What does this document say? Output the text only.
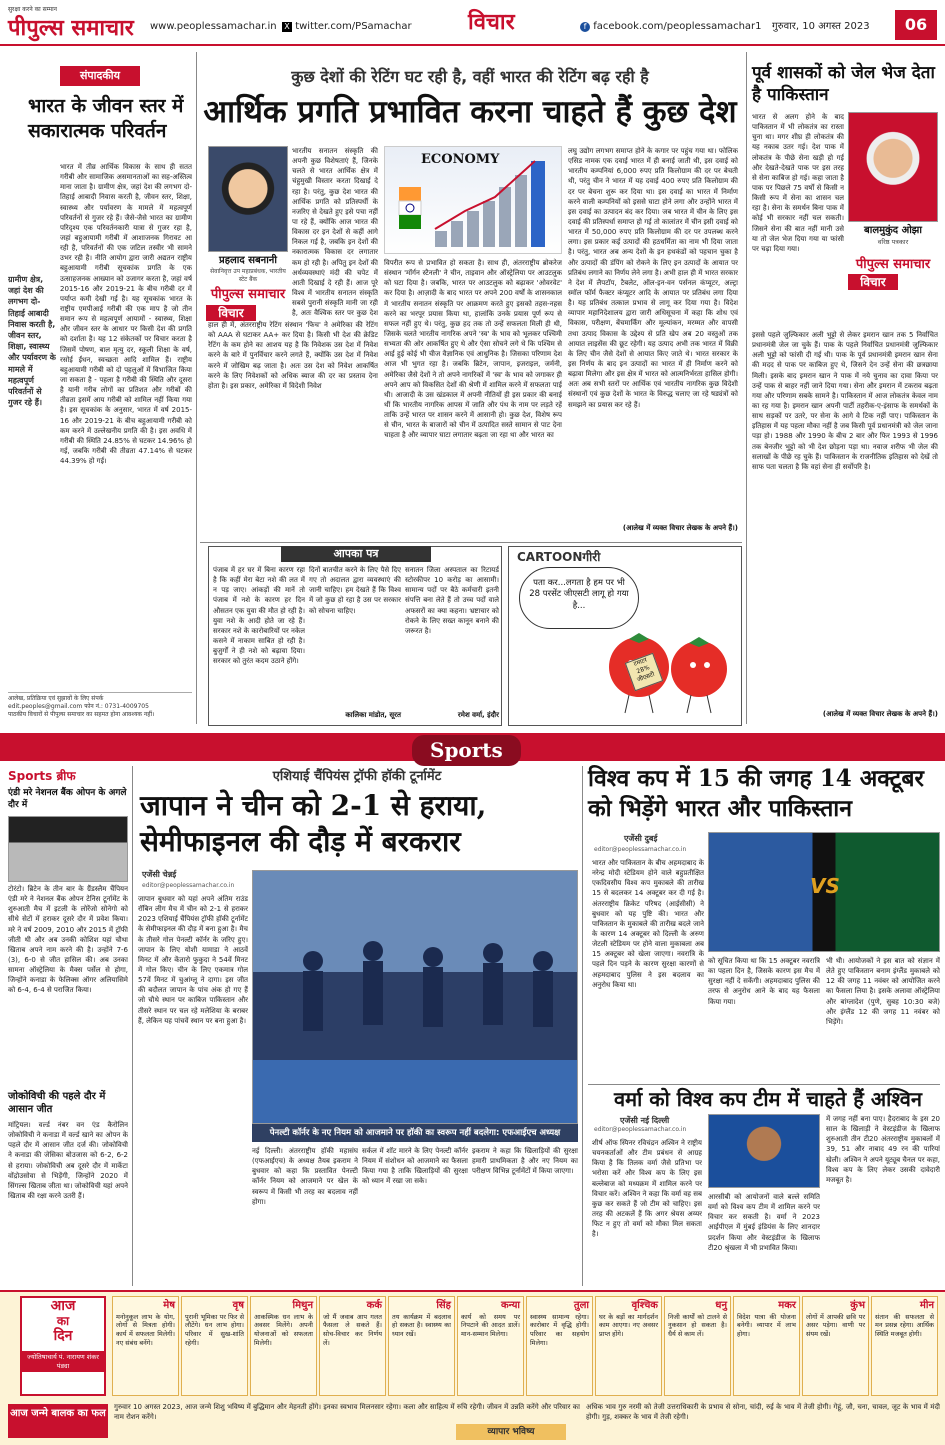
सुरक्षा करने का सम्मान
पीपुल्स समाचार www.peoplessamachar.in X twitter.com/PSamachar	विचार	f facebook.com/peoplessamachar1 गुरुवार, 10 अगस्त 2023	06
संपादकीय
भारत के जीवन स्तर में सकारात्मक परिवर्तन
ग्रामीण क्षेत्र, जहां देश की लगभग दो-तिहाई आबादी निवास करती है, जीवन स्तर, शिक्षा, स्वास्थ्य और पर्यावरण के मामले में महत्वपूर्ण परिवर्तनों से गुजर रहे हैं।
भारत में तीव्र आर्थिक विकास के साथ ही सतत गरीबी और सामाजिक असमानताओं का सह-अस्तित्व माना जाता है। ग्रामीण क्षेत्र, जहां देश की लगभग दो-तिहाई आबादी निवास करती है, जीवन स्तर, शिक्षा, स्वास्थ्य और पर्यावरण के मामले में महत्वपूर्ण परिवर्तनों से गुजर रहे हैं। जैसे-जैसे भारत का ग्रामीण परिदृश्य एक परिवर्तनकारी यात्रा से गुजर रहा है, जहां बहुआयामी गरीबी में आशाजनक गिरावट आ रही है, परिवर्तनों की एक जटिल तस्वीर भी सामने उभर रही है। नीति आयोग द्वारा जारी अद्यतन राष्ट्रीय बहुआयामी गरीबी सूचकांक प्रगति के एक उत्साहजनक आख्यान को उजागर करता है, जहां वर्ष 2015-16 और 2019-21 के बीच गरीबी दर में पर्याप्त कमी देखी गई है। यह सूचकांक भारत के राष्ट्रीय एमपीआई गरीबी की एक माप है जो तीन समान रूप से महत्वपूर्ण आयामों - स्वास्थ्य, शिक्षा और जीवन स्तर के आधार पर किसी देश की प्रगति को दर्शाता है। यह 12 संकेतकों पर विचार करता है जिसमें पोषण, बाल मृत्यु दर, स्कूली शिक्षा के वर्ष, रसोई ईंधन, स्वच्छता आदि शामिल हैं। राष्ट्रीय बहुआयामी गरीबी को दो पहलुओं में विभाजित किया जा सकता है - पहला है गरीबी की स्थिति और दूसरा है यानी गरीब लोगों का प्रतिशत और गरीबों की तीव्रता इसमें आय गरीबी को शामिल नहीं किया गया है। इस सूचकांक के अनुसार, भारत में वर्ष 2015-16 और 2019-21 के बीच बहुआयामी गरीबी को कम करने में उल्लेखनीय प्रगति की है। इस अवधि में गरीबी की स्थिति 24.85% से घटकर 14.96% हो गई, जबकि गरीबी की तीव्रता 47.14% से घटकर 44.39% हो गई।
आलेख, प्रतिक्रिया एवं सुझावों के लिए संपर्क
edit.peoples@gmail.com फोन नं.: 0731-4009705
पाठकीय विचारों से पीपुल्स समाचार का सहमत होना आवश्यक नहीं।
कुछ देशों की रेटिंग घट रही है, वहीं भारत की रेटिंग बढ़ रही है
आर्थिक प्रगति प्रभावित करना चाहते हैं कुछ देश
प्रहलाद सबनानी
सेवानिवृत्त उप महाप्रबंधक, भारतीय स्टेट बैंक
पीपुल्स समाचार
विचार
भारतीय सनातन संस्कृति की अपनी कुछ विशेषताएं हैं, जिनके चलते से भारत आर्थिक क्षेत्र में चंहुमुखी विस्तार करता दिखाई दे रहा है। परंतु, कुछ देश भारत की आर्थिक प्रगति को प्रतिस्पर्धी के नजरिए से देखते हुए इसे पचा नहीं पा रहे हैं, क्योंकि आज भारत की विकास दर इन देशों से कहीं आगे निकल गई है, जबकि इन देशों की नकारात्मक विकास दर लगातार कम हो रही है। अपितु इन देशों की अर्थव्यवस्थाएं मंदी की चपेट में आती दिखाई दे रही हैं। आज पूरे विश्व में भारतीय सनातन संस्कृति सबसे पुरानी संस्कृति मानी जा रही है, अतः वैश्विक स्तर पर कुछ देश
हाल ही में, अंतरराष्ट्रीय रेटिंग संस्थान 'फिच' ने अमेरिका की रेटिंग को AAA से घटाकर AA+ कर दिया है। किसी भी देश की क्रेडिट रेटिंग के कम होने का आशय यह है कि निवेशक उस देश में निवेश करने के बारे में पुनर्विचार करने लगते हैं, क्योंकि उस देश में निवेश करने में जोखिम बढ़ जाता है। अतः उस देश को निवेश आकर्षित करने के लिए निवेशकों को अधिक ब्याज की दर का प्रस्ताव देना होता है। इस प्रकार, अमेरिका में विदेशी निवेश
ECONOMY
विपरीत रूप से प्रभावित हो सकता है। साथ ही, अंतरराष्ट्रीय ब्रोकरेज संस्थान 'मॉर्गन स्टैनली' ने चीन, ताइवान और ऑस्ट्रेलिया पर आउटलुक को घटा दिया है। जबकि, भारत पर आउटलुक को बढ़ाकर 'ओवरवेट' कर दिया है। आज़ादी के बाद भारत पर अपने 200 वर्षों के शासनकाल में भारतीय सनातन संस्कृति पर आक्रमण करते हुए इसको तहस-नहस करने का भरपूर प्रयास किया था, हालांकि उनके प्रयास पूर्ण रूप से सफल नहीं हुए थे। परंतु, कुछ हद तक तो उन्हें सफलता मिली ही थी, जिसके चलते भारतीय नागरिक अपने 'स्व' के भाव को भूलकर पश्चिमी सभ्यता की ओर आकर्षित हुए थे और ऐसा सोचने लगे थे कि पश्चिम से आई हुई कोई भी चीज वैज्ञानिक एवं आधुनिक है। जिसका परिणाम देश आज भी भुगत रहा है। जबकि ब्रिटेन, जापान, इजराइल, जर्मनी, अमेरिका जैसे देशों ने तो अपने नागरिकों में 'स्व' के भाव को जगाकर ही अपने आप को विकसित देशों की श्रेणी में शामिल करने में सफलता पाई थी। आजादी के उस खंडकाल में अपनी नीतियों ही इस प्रकार की बनाई थीं कि भारतीय नागरिक आपस में जाति और पंथ के नाम पर लड़ते रहें ताकि उन्हें भारत पर शासन करने में आसानी हो। कुछ देश, विशेष रूप से चीन, भारत के बाजारों को चीन में उत्पादित सस्ते सामान से पाट देना चाहता है और व्यापार घाटा लगातार बढ़ता जा रहा था और भारत का
लघु उद्योग लगभग समाप्त होने के कगार पर पहुंच गया था। फोलिक एसिड नामक एक दवाई भारत में ही बनाई जाती थी, इस दवाई को भारतीय कम्पनियां 6,000 रुपए प्रति किलोग्राम की दर पर बेचती थी, परंतु चीन ने भारत में यह दवाई 400 रुपए प्रति किलोग्राम की दर पर बेचना शुरू कर दिया था। इस दवाई का भारत में निर्माण करने वाली कम्पनियों को इससे घाटा होने लगा और उन्होंने भारत में इस दवाई का उत्पादन बंद कर दिया। जब भारत में चीन के लिए इस दवाई की प्रतिस्पर्धा समाप्त हो गई तो कालांतर में चीन इसी दवाई को भारत में 50,000 रुपए प्रति किलोग्राम की दर पर उपलब्ध करने लगा। इस प्रकार कई उत्पादों की हठधर्मिता का नाम भी दिया जाता है। परंतु, भारत अब अन्य देशों के इन हथकंडों को पहचान चुका है और उत्पादों की डंपिंग को रोकने के लिए इन उत्पादों के आयात पर प्रतिबंध लगाने का निर्णय लेने लगा है। अभी हाल ही में भारत सरकार ने देश में लैपटॉप, टैबलेट, ऑल-इन-वन पर्सनल कंप्यूटर, अल्ट्रा स्मॉल फॉर्म फैक्टर कंप्यूटर आदि के आयात पर प्रतिबंध लगा दिया है। यह प्रतिबंध तत्काल प्रभाव से लागू कर दिया गया है। विदेश व्यापार महानिदेशालय द्वारा जारी अधिसूचना में कहा कि शोध एवं विकास, परीक्षण, बेंचमार्किंग और मूल्यांकन, मरम्मत और वापसी तथा उत्पाद विकास के उद्देश्य से प्रति खेप अब 20 वस्तुओं तक आयात लाइसेंस की छूट रहेगी। यह उत्पाद अभी तक भारत में विक्री के लिए चीन जैसे देशों से आयात किए जाते थे। भारत सरकार के इस निर्णय के बाद इन उत्पादों का भारत में ही निर्माण करने को बढ़ावा मिलेगा और इस क्षेत्र में भारत को आत्मनिर्भरता हासिल होगी। अतः अब सभी स्तरों पर आर्थिक एवं भारतीय नागरिक कुछ विदेशी संस्थानों एवं कुछ देशों के भारत के विरुद्ध चलाए जा रहे षड्यंत्रों को समझने का प्रयास कर रहे हैं।
(आलेख में व्यक्त विचार लेखक के अपने हैं।)
पूर्व शासकों को जेल भेज देता है पाकिस्तान
भारत से अलग होने के बाद पाकिस्तान में भी लोकतंत्र का रास्ता चुना था। मगर शीघ्र ही लोकतंत्र की यह नकाब उतर गई। देश पाक में लोकतंत्र के पीछे सेना खड़ी हो गई और देखते-देखते पाक पर इस तरह से सेना काबिज हो गई। कहा जाता है पाक पर पिछले 75 वर्षों से किसी न किसी रूप में सेना का शासन चल रहा है। सेना के समर्थन बिना पाक में कोई भी सरकार नहीं चल सकती। जिसने सेना की बात नहीं मानी उसे या तो जेल भेज दिया गया या फांसी पर चढ़ा दिया गया।
बालमुकुंद ओझा
वरिष्ठ पत्रकार
पीपुल्स समाचार
विचार
इससे पहले जुल्फिकार अली भुट्टो से लेकर इमरान खान तक 5 निर्वाचित प्रधानमंत्री जेल जा चुके हैं। पाक के पहले निर्वाचित प्रधानमंत्री जुल्फिकार अली भुट्टो को फांसी दी गई थी। पाक के पूर्व प्रधानमंत्री इमरान खान सेना की मदद से पाक पर काबिज हुए थे, जिसने देन उन्हें सेना की छत्रछाया मिली। इसके बाद इमरान खान ने पाक में नये चुनाव का दावा किया पर उन्हें पाक से बाहर नहीं जाने दिया गया। सेना और इमरान में टकराव बढ़ता गया और परिणाम सबके सामने है। पाकिस्तान में आज लोकतंत्र केवल नाम का रह गया है। इमरान खान अपनी पार्टी तहरीक-ए-इंसाफ के समर्थकों के साथ सड़कों पर उतरे, पर सेना के आगे वे टिक नहीं पाए। पाकिस्तान के इतिहास में यह पहला मौका नहीं है जब किसी पूर्व प्रधानमंत्री को जेल जाना पड़ा हो। 1988 और 1990 के बीच 2 बार और फिर 1993 से 1996 तक बेनजीर भुट्टो को भी देश छोड़ना पड़ा था। नवाज शरीफ भी जेल की सलाखों के पीछे रह चुके हैं। पाकिस्तान के राजनीतिक इतिहास को देखें तो साफ पता चलता है कि वहां सेना ही सर्वोपरि है।
(आलेख में व्यक्त विचार लेखक के अपने हैं।)
आपका पत्र
पंजाब में हर घर में बिना कारण रहा है कि कहीं मेरा बेटा नशे की लत में न पड़ जाए। आंकड़ों की मानें तो पंजाब में नशे के कारण हर दिन औसतन एक युवा की मौत हो रही है। युवा नशे के आदी होते जा रहे हैं। सरकार नशे के कारोबारियों पर नकेल कसने में नाकाम साबित हो रही है। बुजुर्गों ने ही नशे को बढ़ावा दिया। सरकार को तुरंत कदम उठाने होंगे।
दिनों बातचीत करने के लिए पैसे दिए गए तो अदालत द्वारा व्यवस्थाएं की जानी चाहिए। हम देखते हैं कि विश्व में जो कुछ हो रहा है उस पर सरकार को सोचना चाहिए।
सनातन जिला अस्पताल का रिटायर्ड स्टोरकीपर 10 करोड़ का आसामी। सामान्य पदों पर बैठे कर्मचारी इतनी संपत्ति बना लेते हैं तो उच्च पदों वाले अफसरों का क्या कहना। भ्रष्टाचार को रोकने के लिए सख्त कानून बनाने की जरूरत है।
कालिका मांडोत, सूरत	रमेश वर्मा, इंदौर
CARTOONगीरी
पता कर...लगता है हम पर भी 28 परसेंट जीएसटी लागू हो गया है...
टमाटर 28% जीएसटी
Sports
Sports ब्रीफ
एंडी मरे नेशनल बैंक ओपन के अगले दौर में
टोरंटो। ब्रिटेन के तीन बार के ग्रैंडस्लैम चैंपियन एंडी मरे ने नेशनल बैंक ओपन टेनिस टूर्नामेंट के शुरुआती मैच में इटली के लोरेंजो सोनेगो को सीधे सेटों में हराकर दूसरे दौर में प्रवेश किया। मरे ने वर्ष 2009, 2010 और 2015 में ट्रॉफी जीती थी और अब उनकी कोशिश यहां चौथा खिताब अपने नाम करने की है। उन्होंने 7-6 (3), 6-0 से जीत हासिल की। अब उनका सामना ऑस्ट्रेलिया के मैक्स पर्सेल से होगा, जिन्होंने कनाडा के फेलिक्स ऑगर अलियासिमे को 6-4, 6-4 से पराजित किया।
जोकोविची की पहले दौर में आसान जीत
मांट्रियल। वर्ल्ड नंबर वन एंड कैरोलिन जोकोविची ने कनाडा में वर्ल्ड खाने का ओपन के पहले दौर में आसान जीत दर्ज की। जोकोविची ने कनाडा की जेसिका बोउजास को 6-2, 6-2 से हराया। जोकोविची अब दूसरे दौर में मार्केटा वोंद्रोउसोवा से भिड़ेंगी, जिन्होंने 2020 में सिंगल्स खिताब जीता था। जोकोविची यहां अपने खिताब की रक्षा करने उतरी हैं।
एशियाई चैंपियंस ट्रॉफी हॉकी टूर्नामेंट
जापान ने चीन को 2-1 से हराया, सेमीफाइनल की दौड़ में बरकरार
एजेंसी चेन्नई
editor@peoplessamachar.co.in
जापान बुधवार को यहां अपने अंतिम राउंड रॉबिन लीग मैच में चीन को 2-1 से हराकर 2023 एशियाई चैंपियंस ट्रॉफी हॉकी टूर्नामेंट के सेमीफाइनल की दौड़ में बना हुआ है। मैच के तीसरे गोल पेनल्टी कॉर्नर के जरिए हुए। जापान के लिए योशी यामाडा ने आठवें मिनट में और केंतारो फुकुदा ने 54वें मिनट में गोल किए। चीन के लिए एकमात्र गोल 57वें मिनट में चुआंग्लू ने दागा। इस जीत की बदौलत जापान के पांच अंक हो गए हैं जो चौथे स्थान पर काबिज पाकिस्तान और तीसरे स्थान पर चल रहे मलेशिया के बराबर हैं, लेकिन यह पांचवें स्थान पर बना हुआ है।
पेनल्टी कॉर्नर के नए नियम को आजमाने पर हॉकी का स्वरूप नहीं बदलेगा: एफआईएच अध्यक्ष
नई दिल्ली। अंतरराष्ट्रीय हॉकी महासंघ (एफआईएच) के अध्यक्ष तैयब इकराम ने बुधवार को कहा कि प्रस्तावित पेनल्टी कॉर्नर नियम को आजमाने पर खेल के स्वरूप में किसी भी तरह का बदलाव नहीं होगा।
सर्कल में शॉट मारने के लिए पेनल्टी कॉर्नर नियम में संशोधन को आजमाने का फैसला किया गया है ताकि खिलाड़ियों की सुरक्षा को ध्यान में रखा जा सके।
इकराम ने कहा कि खिलाड़ियों की सुरक्षा हमारी प्राथमिकता है और नए नियम का परीक्षण विभिन्न टूर्नामेंटों में किया जाएगा।
विश्व कप में 15 की जगह 14 अक्टूबर को भिड़ेंगे भारत और पाकिस्तान
एजेंसी दुबई
editor@peoplessamachar.co.in
भारत और पाकिस्तान के बीच अहमदाबाद के नरेन्द्र मोदी स्टेडियम होने वाले बहुप्रतीक्षित एकदिवसीय विश्व कप मुकाबले की तारीख 15 से बदलकर 14 अक्टूबर कर दी गई है। अंतरराष्ट्रीय क्रिकेट परिषद (आईसीसी) ने बुधवार को यह पुष्टि की। भारत और पाकिस्तान के मुकाबले की तारीख बदले जाने के कारण 14 अक्टूबर को दिल्ली के अरुण जेटली स्टेडियम पर होने वाला मुकाबला अब 15 अक्टूबर को खेला जाएगा। नवरात्रि के पहले दिन पड़ने के कारण सुरक्षा कारणों से अहमदाबाद पुलिस ने इस बदलाव का अनुरोध किया था।
VS
को सूचित किया था कि 15 अक्टूबर नवरात्रि का पहला दिन है, जिसके कारण इस मैच में सुरक्षा नहीं दे सकेंगी। अहमदाबाद पुलिस की तरफ से अनुरोध आने के बाद यह फैसला किया गया।
भी थी। आयोजकों ने इस बात को संज्ञान में लेते हुए पाकिस्तान बनाम इंग्लैंड मुकाबले को 12 की जगह 11 नवंबर को आयोजित करने का फैसला लिया है। इसके अलावा ऑस्ट्रेलिया और बांग्लादेश (पुणे, सुबह 10:30 बजे) और इंग्लैंड 12 की जगह 11 नवंबर को भिड़ेंगे।
वर्मा को विश्व कप टीम में चाहते हैं अश्विन
एजेंसी नई दिल्ली
editor@peoplessamachar.co.in
शीर्ष ऑफ स्पिनर रविचंद्रन अश्विन ने राष्ट्रीय चयनकर्ताओं और टीम प्रबंधन से आग्रह किया है कि तिलक वर्मा जैसे प्रतिभा पर भरोसा करें और विश्व कप के लिए इस बल्लेबाज को मध्यक्रम में शामिल करने पर विचार करें। अश्विन ने कहा कि वर्मा वह सब कुछ कर सकते हैं जो टीम को चाहिए। इस तरह की अटकलें हैं कि अगर श्रेयस अय्यर फिट न हुए तो वर्मा को मौका मिल सकता है।
आरसीबी को आयोजनों वाले बल्ले समिति वर्मा को विश्व कप टीम में शामिल करने पर विचार कर सकती है। वर्मा ने 2023 आईपीएल में मुंबई इंडियंस के लिए शानदार प्रदर्शन किया और वेस्टइंडीज के खिलाफ टी20 श्रृंखला में भी प्रभावित किया।
में जगह नहीं बना पाए। हैदराबाद के इस 20 साल के खिलाड़ी ने वेस्टइंडीज के खिलाफ शुरुआती तीन टी20 अंतरराष्ट्रीय मुकाबलों में 39, 51 और नाबाद 49 रन की पारियां खेली। अश्विन ने अपने यूट्यूब चैनल पर कहा, विश्व कप के लिए लेकर उसकी दावेदारी मजबूत है।
आज
का
दिन
ज्योतिषाचार्य पं. नारायण शंकर पंड्या
मेष
मनोनुकूल लाभ के योग, लोगों से मित्रता होगी। कार्य में सफलता मिलेगी। नए संबंध बनेंगे।
वृष
पुरानी भूमिका पर फिर से लौटेंगे। धन लाभ होगा। परिवार में सुख-शांति रहेगी।
मिथुन
आकस्मिक धन लाभ के अवसर मिलेंगे। अपनी योजनाओं को सफलता मिलेगी।
कर्क
जो मैं जवाब आप गलत फैसला ले सकते हैं। सोच-विचार कर निर्णय लें।
सिंह
तय कार्यक्रम में बदलाव हो सकता है। स्वास्थ्य का ध्यान रखें।
कन्या
कार्य को समय पर निपटाने की आदत डालें। मान-सम्मान मिलेगा।
तुला
स्वास्थ्य सामान्य रहेगा। कारोबार में वृद्धि होगी। परिवार का सहयोग मिलेगा।
वृश्चिक
घर के बड़ों का मार्गदर्शन काम आएगा। नए अवसर प्राप्त होंगे।
धनु
निजी कार्यों को टालने से नुकसान हो सकता है। धैर्य से काम लें।
मकर
विदेश यात्रा की योजना बनेगी। व्यापार में लाभ होगा।
कुंभ
लोगों में आपकी छवि पर असर पड़ेगा। वाणी पर संयम रखें।
मीन
संतान की सफलता से मन प्रसन्न रहेगा। आर्थिक स्थिति मजबूत होगी।
आज जन्मे बालक का फल
गुरुवार 10 अगस्त 2023, आज जन्मे शिशु भविष्य में बुद्धिमान और मेहनती होंगे। इनका स्वभाव मिलनसार रहेगा। कला और साहित्य में रुचि रहेगी। जीवन में उन्नति करेंगे और परिवार का नाम रोशन करेंगे।
व्यापार भविष्य
अधिक भाव गुरु नरमी को तेजी उत्तराधिकारी के प्रभाव से सोना, चांदी, रुई के भाव में तेजी होगी। गेहूं, जौ, चना, चावल, जूट के भाव में मंदी होगी। गुड़, शक्कर के भाव में तेजी रहेगी।
